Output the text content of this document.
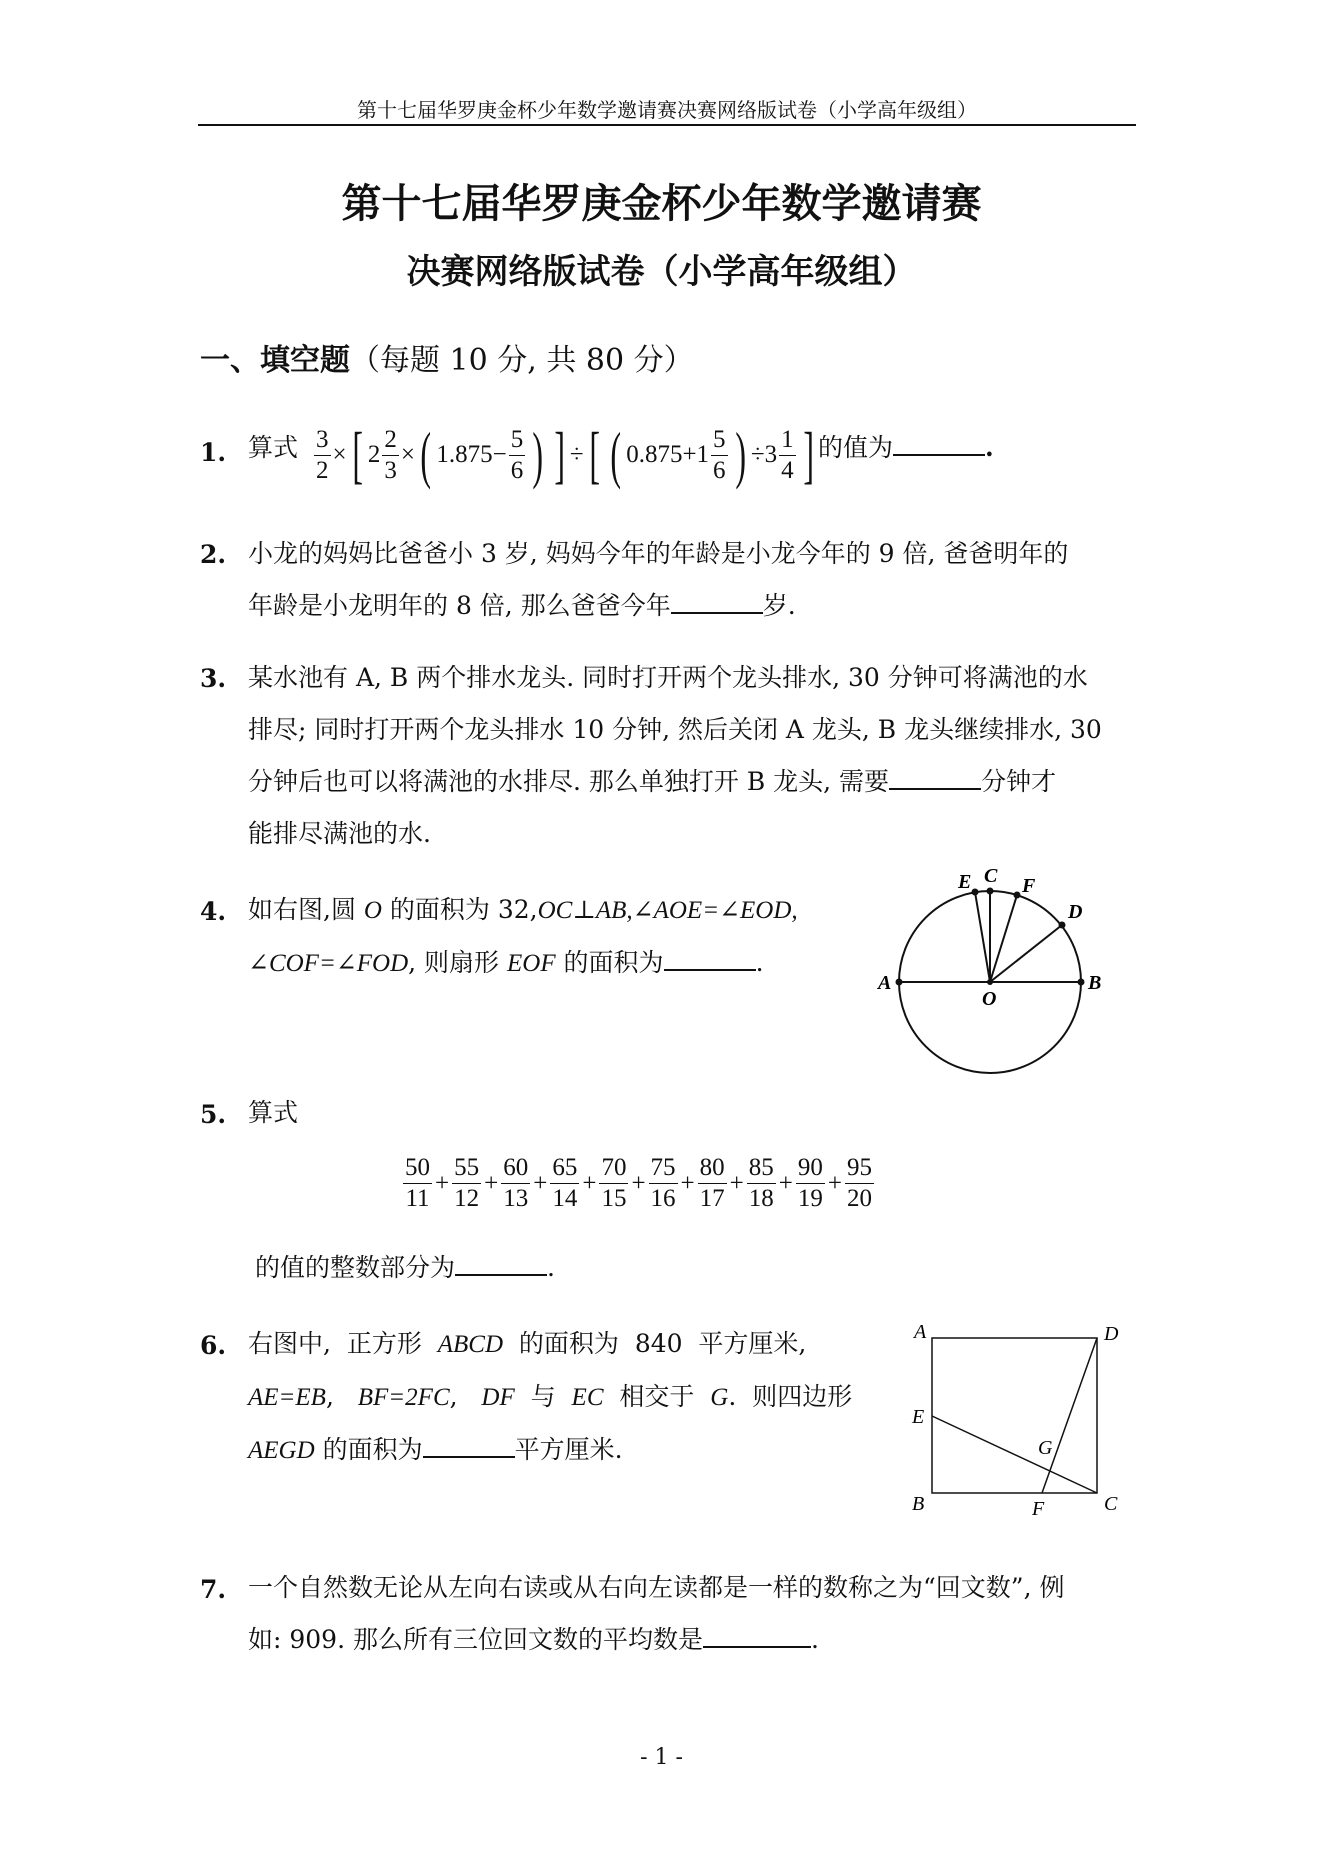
第十七届华罗庚金杯少年数学邀请赛决赛网络版试卷（小学高年级组）
第十七届华罗庚金杯少年数学邀请赛
决赛网络版试卷（小学高年级组）
一、填空题（每题 10 分, 共 80 分）
1. 算式 $\frac{3}{2}$ × [ $2 \frac{2}{3}$ × ( $1.875 - \frac{5}{6}$ ) ] ÷ [ ( $0.875 + 1 \frac{5}{6}$ ) ÷ $3 \frac{1}{4}$ ] 的值为	.
2. 小龙的妈妈比爸爸小 3 岁, 妈妈今年的年龄是小龙今年的 9 倍, 爸爸明年的
年龄是小龙明年的 8 倍, 那么爸爸今年	岁.
3. 某水池有 A, B 两个排水龙头. 同时打开两个龙头排水, 30 分钟可将满池的水
排尽; 同时打开两个龙头排水 10 分钟, 然后关闭 A 龙头, B 龙头继续排水, 30
分钟后也可以将满池的水排尽. 那么单独打开 B 龙头, 需要	分钟才
能排尽满池的水.
4. 如右图,圆 O 的面积为 32,OC⊥AB,∠AOE=∠EOD,
∠COF=∠FOD, 则扇形 EOF 的面积为	.
E C F
D
A
O
B
5. 算式
$\frac{50}{11} + \frac{55}{12} + \frac{60}{13} + \frac{65}{14} + \frac{70}{15} + \frac{75}{16} + \frac{80}{17} + \frac{85}{18} + \frac{90}{19} + \frac{95}{20}$
的值的整数部分为	.
6. 右图中,  正方形  ABCD  的面积为  840  平方厘米,
AE=EB,   BF=2FC,   DF  与  EC  相交于  G.  则四边形
AEGD 的面积为	平方厘米.
A	D
E
G
B	F	C
7. 一个自然数无论从左向右读或从右向左读都是一样的数称之为“回文数”, 例
如: 909. 那么所有三位回文数的平均数是	.
- 1 -
